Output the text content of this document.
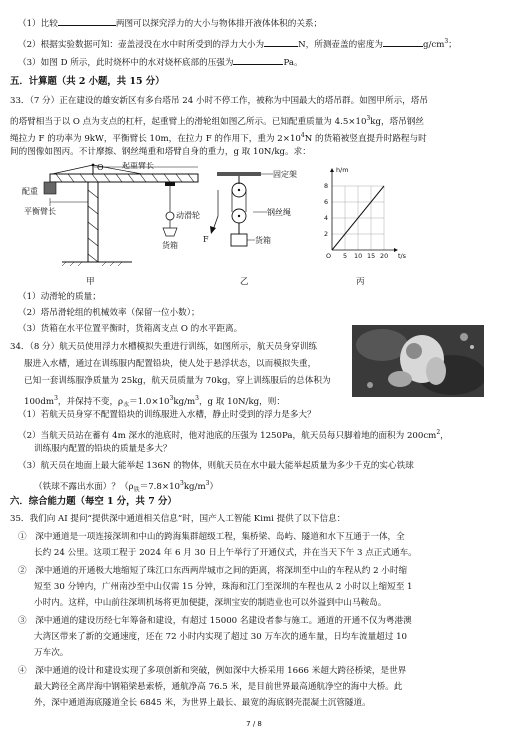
（1）比较	两图可以探究浮力的大小与物体排开液体体积的关系；
（2）根据实验数据可知：壶盖浸没在水中时所受到的浮力大小为	N，所测壶盖的密度为	$g/cm^3$；
（3）如图 D 所示，此时烧杯中的水对烧杯底部的压强为	Pa。
五．计算题（共 2 小题，共 15 分）
33．（7 分）正在建设的雄安新区有多台塔吊 24 小时不停工作，被称为中国最大的塔吊群。如图甲所示，塔吊
的塔臂相当于以 O 点为支点的杠杆，起重臂上的滑轮组如图乙所示。已知配重质量为 $4.5\times 10^3kg$，塔吊钢丝
绳拉力 F 的功率为 9kW，平衡臂长 10m，在拉力 F 的作用下，重为 $2\times 10^4N$ 的货箱被竖直提升时路程与时
间的图像如图丙。不计摩擦、钢丝绳重和塔臂自身的重力，g 取 10N/kg。求：
O 起重臂长
配重
平衡臂长	动滑轮
货箱
甲
固定架
F
钢丝绳
货箱
乙
h/m
t/s
2
4
6
8
O 5 10 15 20
丙
（1）动滑轮的质量；
（2）塔吊滑轮组的机械效率（保留一位小数）；
（3）货箱在水平位置平衡时，货箱离支点 O 的水平距离。
34．（8 分）航天员使用浮力水槽模拟失重进行训练，如图所示，航天员身穿训练
服进入水槽，通过在训练服内配置铅块，使人处于悬浮状态，以而模拟失重，
已知一套训练服净质量为 25kg，航天员质量为 70kg，穿上训练服后的总体积为
$100dm^3$，并保持不变，$\rho_水=1.0\times 10^3kg/m^3$，g 取 10N/kg，则：
（1）若航天员身穿不配置铅块的训练服进入水槽，静止时受到的浮力是多大？
（2）当航天员站在蓄有 4m 深水的池底时，他对池底的压强为 1250Pa，航天员每只脚着地的面积为 $200cm^2$，
训练服内配置的铅块的质量是多大？
（3）航天员在地面上最大能举起 136N 的物体，则航天员在水中最大能举起质量为多少千克的实心铁球
（铁球不露出水面）？$(\rho_铁=7.8\times 10^3kg/m^3)$
六．综合能力题（每空 1 分，共 7 分）
35．我们向 AI 提问“提供深中通道相关信息”时，国产人工智能 Kimi 提供了以下信息：
①　深中通道是一项连接深圳和中山的跨海集群超级工程，集桥梁、岛屿、隧道和水下互通于一体，全
长约 24 公里。这项工程于 2024 年 6 月 30 日上午举行了开通仪式，并在当天下午 3 点正式通车。
②　深中通道的开通极大地缩短了珠江口东西两岸城市之间的距离，将深圳至中山的车程从约 2 小时缩
短至 30 分钟内，广州南沙至中山仅需 15 分钟，珠海和江门至深圳的车程也从 2 小时以上缩短至 1
小时内。这样，中山前往深圳机场将更加便捷，深圳宝安的制造业也可以外溢到中山马鞍岛。
③　深中通道的建设历经七年筹备和建设，有超过 15000 名建设者参与施工。通道的开通不仅为粤港澳
大湾区带来了新的交通速度，还在 72 小时内实现了超过 30 万车次的通车量，日均车流量超过 10
万车次。
④　深中通道的设计和建设实现了多项创新和突破，例如深中大桥采用 1666 米超大跨径桥梁，是世界
最大跨径全离岸海中钢箱梁悬索桥，通航净高 76.5 米，是目前世界最高通航净空的海中大桥。此
外，深中通道海底隧道全长 6845 米，为世界上最长、最宽的海底钢壳混凝土沉管隧道。
7 / 8
